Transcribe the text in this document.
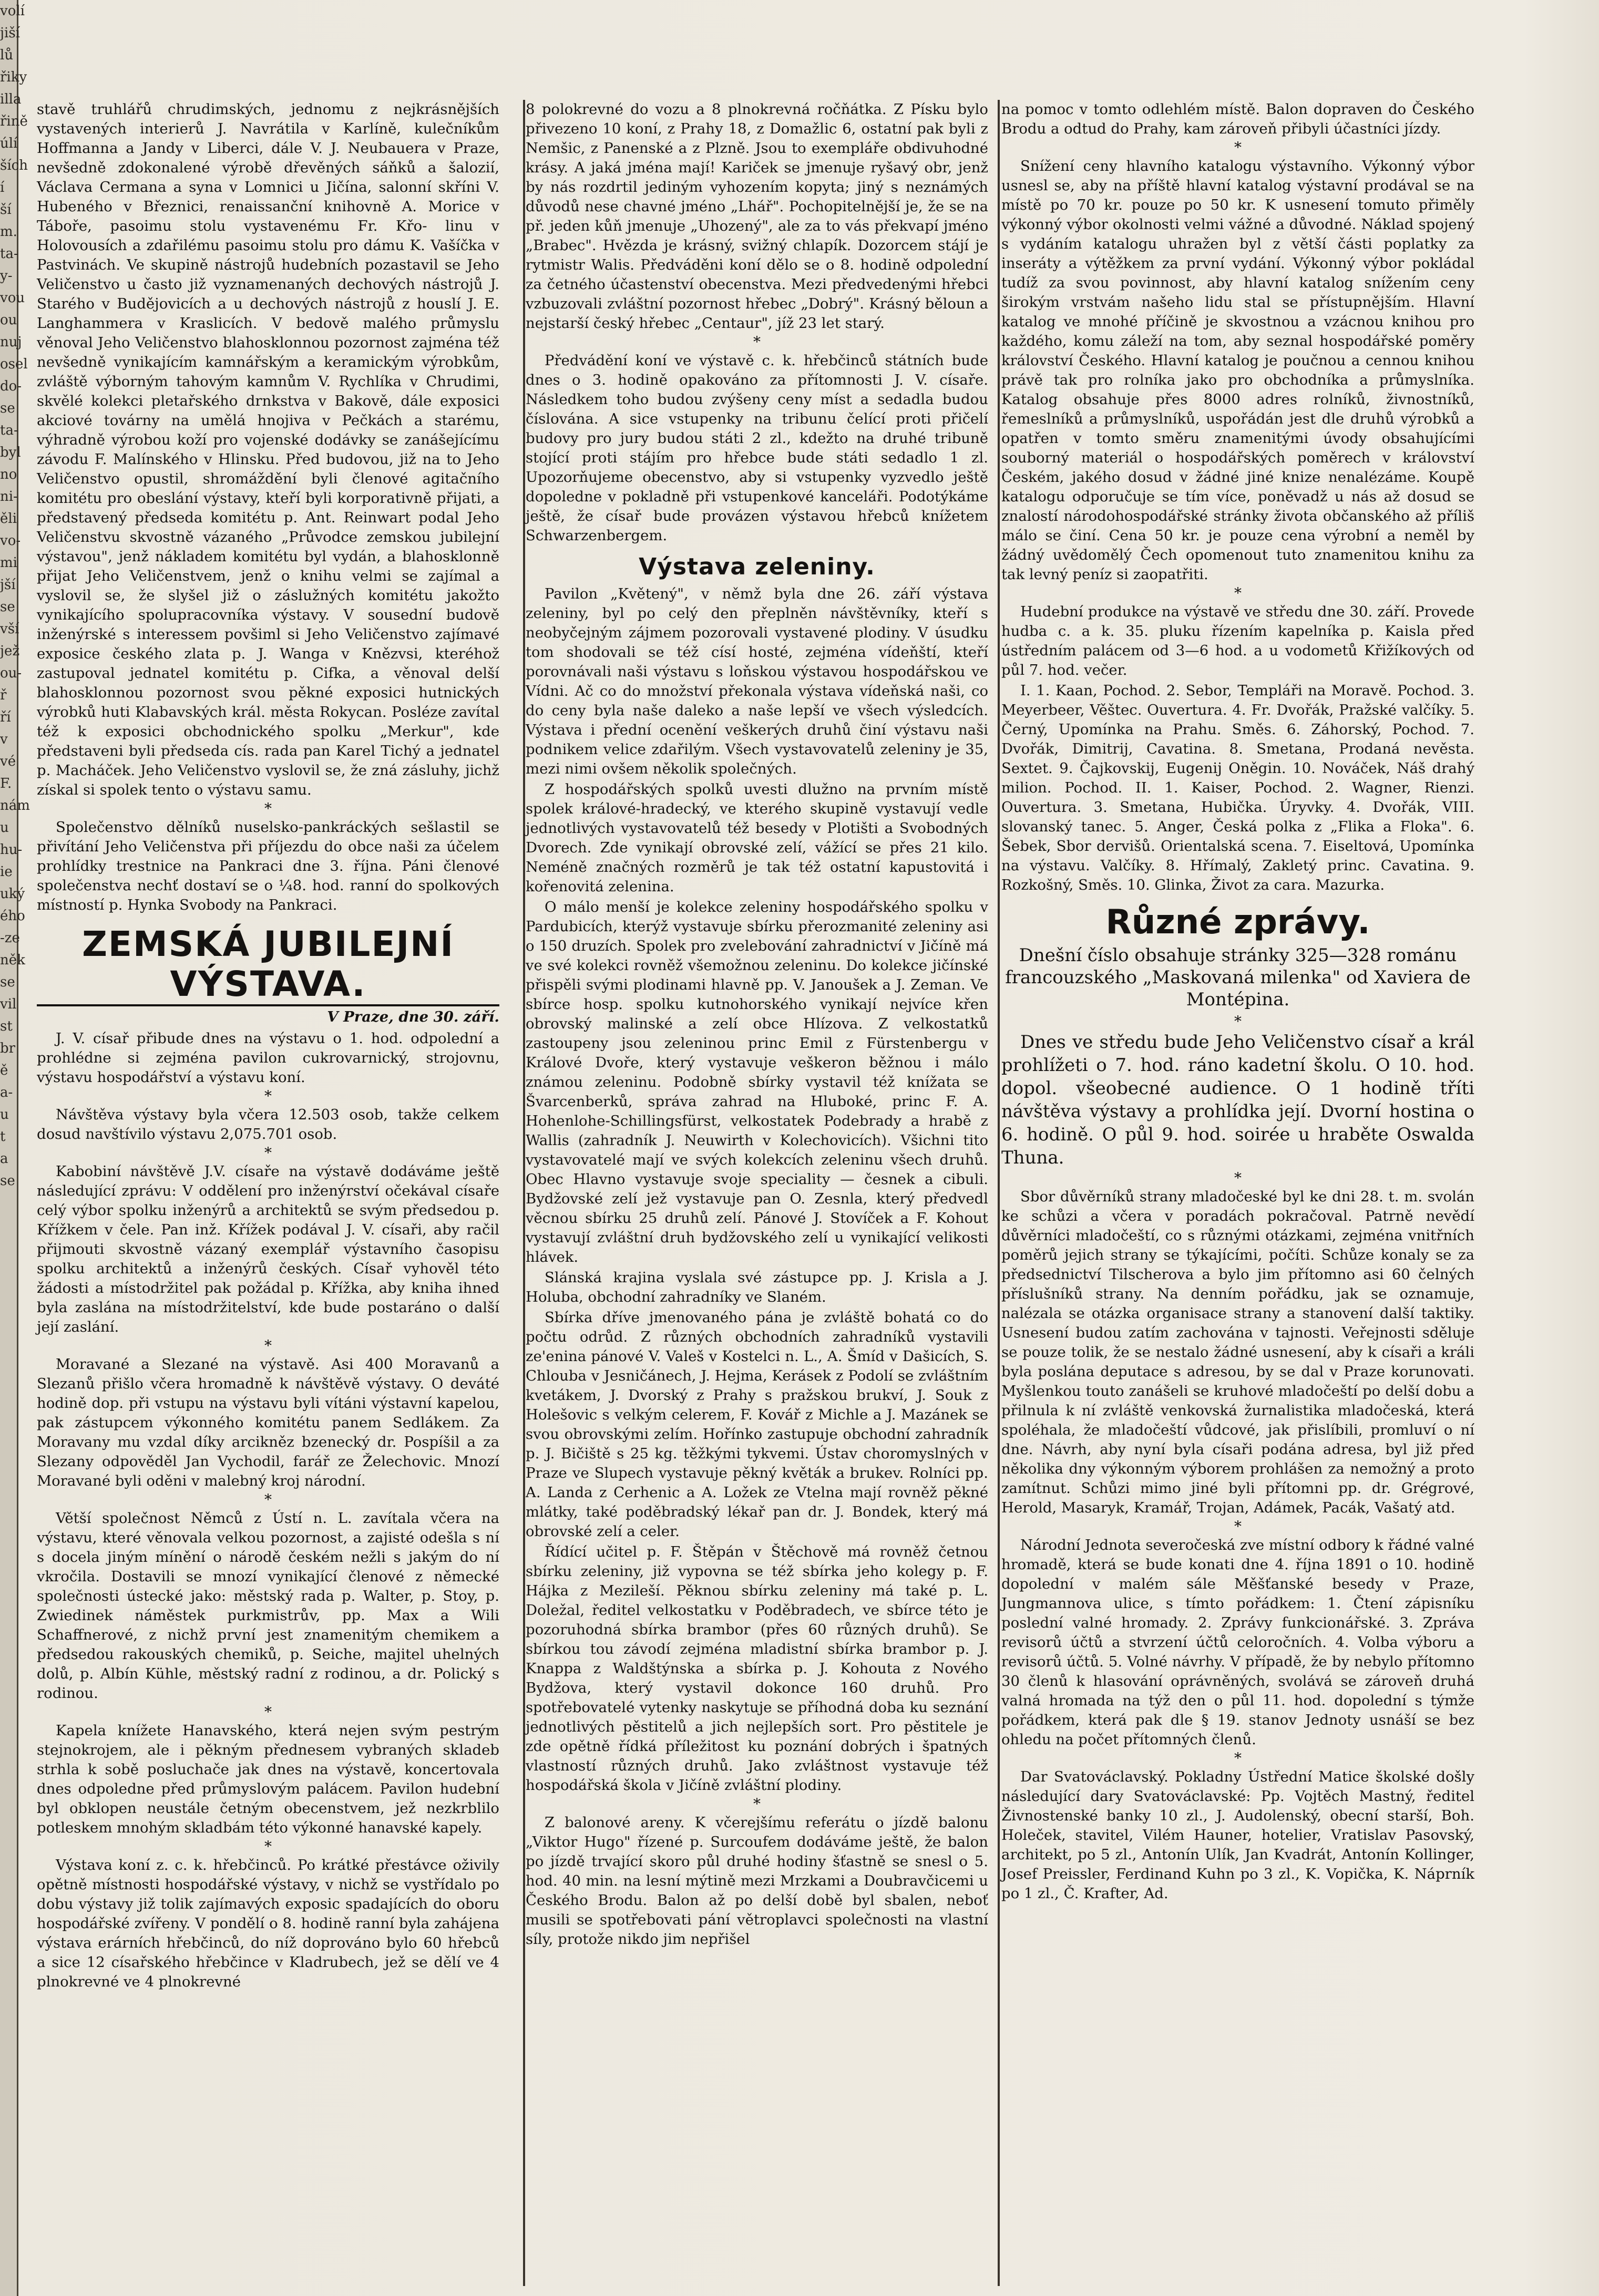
volí
jiší
lů
řiky
illa
řině
úlí
ších
í
ší
m.
ta-
y-
vou
ou
nuj
osel
do-
se
ta-
byl
no
ni-
ěli
vo-
mi
jší
se
vší
jež
ou-
ř
ří
v
vé
F.
nám
u
hu-
ie
uký
ého
-ze
něk
se
vil
st
br
ě
a-
u
t
a
se

stavě truhlářů chrudimských, jednomu z nejkrásnějších vystavených interierů J. Navrátila v Karlíně, kulečníkům Hoffmanna a Jandy v Liberci, dále V. J. Neubauera v Praze, nevšedně zdokonalené výrobě dřevěných sáňků a šalozií, Václava Cermana a syna v Lomnici u Jičína, salonní skříni V. Hubeného v Březnici, renaissanční knihovně A. Morice v Táboře, pasoimu stolu vystavenému Fr. Křo- linu v Holovousích a zdařilému pasoimu stolu pro dámu K. Vašíčka v Pastvinách. Ve skupině nástrojů hudebních pozastavil se Jeho Veličenstvo u často již vyznamenaných dechových nástrojů J. Starého v Budějovicích a u dechových nástrojů z houslí J. E. Langhammera v Kraslicích. V bedově malého průmyslu věnoval Jeho Veličenstvo blahosklonnou pozornost zajména též nevšedně vynikajícím kamnářským a keramickým výrobkům, zvláště výborným tahovým kamnům V. Rychlíka v Chrudimi, skvělé kolekci pletařského drnkstva v Bakově, dále exposici akciové továrny na umělá hnojiva v Pečkách a starému, výhradně výrobou koží pro vojenské dodávky se zanášejícímu závodu F. Malínského v Hlinsku. Před budovou, již na to Jeho Veličenstvo opustil, shromáždění byli členové agitačního komitétu pro obeslání výstavy, kteří byli korporativně přijati, a představený předseda komitétu p. Ant. Reinwart podal Jeho Veličenstvu skvostně vázaného „Průvodce zemskou jubilejní výstavou", jenž nákladem komitétu byl vydán, a blahosklonně přijat Jeho Veličenstvem, jenž o knihu velmi se zajímal a vyslovil se, že slyšel již o záslužných komitétu jakožto vynikajícího spolupracovníka výstavy. V sousední budově inženýrské s interessem povšiml si Jeho Veličenstvo zajímavé exposice českého zlata p. J. Wanga v Knězvsi, kteréhož zastupoval jednatel komitétu p. Cifka, a věnoval delší blahosklonnou pozornost svou pěkné exposici hutnických výrobků huti Klabavských král. města Rokycan. Posléze zavítal též k exposici obchodnického spolku „Merkur", kde představeni byli předseda cís. rada pan Karel Tichý a jednatel p. Macháček. Jeho Veličenstvo vyslovil se, že zná zásluhy, jichž získal si spolek tento o výstavu samu.

*

Společenstvo dělníků nuselsko-pankráckých sešlastil se přivítání Jeho Veličenstva při příjezdu do obce naši za účelem prohlídky trestnice na Pankraci dne 3. října. Páni členové společenstva nechť dostaví se o ¼8. hod. ranní do spolkových místností p. Hynka Svobody na Pankraci.

ZEMSKÁ JUBILEJNÍ VÝSTAVA.
V Praze, dne 30. září.

J. V. císař přibude dnes na výstavu o 1. hod. odpolední a prohlédne si zejména pavilon cukrovarnický, strojovnu, výstavu hospodářství a výstavu koní.

*

Návštěva výstavy byla včera 12.503 osob, takže celkem dosud navštívilo výstavu 2,075.701 osob.

*

Kabobiní návštěvě J.V. císaře na výstavě dodáváme ještě následující zprávu: V oddělení pro inženýrství očekával císaře celý výbor spolku inženýrů a architektů se svým předsedou p. Křížkem v čele. Pan inž. Křížek podával J. V. císaři, aby račil přijmouti skvostně vázaný exemplář výstavního časopisu spolku architektů a inženýrů českých. Císař vyhověl této žádosti a místodržitel pak požádal p. Křížka, aby kniha ihned byla zaslána na místodržitelství, kde bude postaráno o další její zaslání.

*

Moravané a Slezané na výstavě. Asi 400 Moravanů a Slezanů přišlo včera hromadně k návštěvě výstavy. O deváté hodině dop. při vstupu na výstavu byli vítáni výstavní kapelou, pak zástupcem výkonného komitétu panem Sedlákem. Za Moravany mu vzdal díky arcikněz bzenecký dr. Pospíšil a za Slezany odpověděl Jan Vychodil, farář ze Želechovic. Mnozí Moravané byli oděni v malebný kroj národní.

*

Větší společnost Němců z Ústí n. L. zavítala včera na výstavu, které věnovala velkou pozornost, a zajisté odešla s ní s docela jiným mínění o národě českém nežli s jakým do ní vkročila. Dostavili se mnozí vynikající členové z německé společnosti ústecké jako: městský rada p. Walter, p. Stoy, p. Zwiedinek náměstek purkmistrův, pp. Max a Wili Schaffnerové, z nichž první jest znamenitým chemikem a předsedou rakouských chemiků, p. Seiche, majitel uhelných dolů, p. Albín Kühle, městský radní z rodinou, a dr. Polický s rodinou.

*

Kapela knížete Hanavského, která nejen svým pestrým stejnokrojem, ale i pěkným přednesem vybraných skladeb strhla k sobě posluchače jak dnes na výstavě, koncertovala dnes odpoledne před průmyslovým palácem. Pavilon hudební byl obklopen neustále četným obecenstvem, jež nezkrblilo potleskem mnohým skladbám této výkonné hanavské kapely.

*

Výstava koní z. c. k. hřebčinců. Po krátké přestávce oživily opětně místnosti hospodářské výstavy, v nichž se vystřídalo po dobu výstavy již tolik zajímavých exposic spadajících do oboru hospodářské zvířeny. V pondělí o 8. hodině ranní byla zahájena výstava erárních hřebčinců, do níž doprováno bylo 60 hřebců a sice 12 císařského hřebčince v Kladrubech, jež se dělí ve 4 plnokrevné ve 4 plnokrevné

8 polokrevné do vozu a 8 plnokrevná ročňátka. Z Písku bylo přivezeno 10 koní, z Prahy 18, z Domažlic 6, ostatní pak byli z Nemšic, z Panenské a z Plzně. Jsou to exempláře obdivuhodné krásy. A jaká jména mají! Kariček se jmenuje ryšavý obr, jenž by nás rozdrtil jediným vyhozením kopyta; jiný s neznámých důvodů nese chavné jméno „Lhář". Pochopitelnější je, že se na př. jeden kůň jmenuje „Uhozený", ale za to vás překvapí jméno „Brabec". Hvězda je krásný, svižný chlapík. Dozorcem stájí je rytmistr Walis. Předváděni koní dělo se o 8. hodině odpolední za četného účastenství obecenstva. Mezi předvedenými hřebci vzbuzovali zvláštní pozornost hřebec „Dobrý". Krásný běloun a nejstarší český hřebec „Centaur", jíž 23 let starý.

*

Předvádění koní ve výstavě c. k. hřebčinců státních bude dnes o 3. hodině opakováno za přítomnosti J. V. císaře. Následkem toho budou zvýšeny ceny míst a sedadla budou číslována. A sice vstupenky na tribunu čelící proti přičelí budovy pro jury budou státi 2 zl., kdežto na druhé tribuně stojící proti stájím pro hřebce bude státi sedadlo 1 zl. Upozorňujeme obecenstvo, aby si vstupenky vyzvedlo ještě dopoledne v pokladně při vstupenkové kanceláři. Podotýkáme ještě, že císař bude provázen výstavou hřebců knížetem Schwarzenbergem.

Výstava zeleniny.

Pavilon „Květený", v němž byla dne 26. září výstava zeleniny, byl po celý den přeplněn návštěvníky, kteří s neobyčejným zájmem pozorovali vystavené plodiny. V úsudku tom shodovali se též císí hosté, zejména vídeňští, kteří porovnávali naši výstavu s loňskou výstavou hospodářskou ve Vídni. Ač co do množství překonala výstava vídeňská naši, co do ceny byla naše daleko a naše lepší ve všech výsledcích. Výstava i přední ocenění veškerých druhů činí výstavu naši podnikem velice zdařilým. Všech vystavovatelů zeleniny je 35, mezi nimi ovšem několik společných.

Z hospodářských spolků uvesti dlužno na prvním místě spolek králové-hradecký, ve kterého skupině vystavují vedle jednotlivých vystavovatelů též besedy v Plotišti a Svobodných Dvorech. Zde vynikají obrovské zelí, vážící se přes 21 kilo. Neméně značných rozměrů je tak též ostatní kapustovitá i kořenovitá zelenina.

O málo menší je kolekce zeleniny hospodářského spolku v Pardubicích, kterýž vystavuje sbírku přerozmanité zeleniny asi o 150 druzích. Spolek pro zvelebování zahradnictví v Jičíně má ve své kolekci rovněž všemožnou zeleninu. Do kolekce jičínské přispěli svými plodinami hlavně pp. V. Janoušek a J. Zeman. Ve sbírce hosp. spolku kutnohorského vynikají nejvíce křen obrovský malinské a zelí obce Hlízova. Z velkostatků zastoupeny jsou zeleninou princ Emil z Fürstenbergu v Králové Dvoře, který vystavuje veškeron běžnou i málo známou zeleninu. Podobně sbírky vystavil též knížata se Švarcenberků, správa zahrad na Hluboké, princ F. A. Hohenlohe-Schillingsfürst, velkostatek Podebrady a hrabě z Wallis (zahradník J. Neuwirth v Kolechovicích). Všichni tito vystavovatelé mají ve svých kolekcích zeleninu všech druhů. Obec Hlavno vystavuje svoje speciality — česnek a cibuli. Bydžovské zelí jež vystavuje pan O. Zesnla, který předvedl věcnou sbírku 25 druhů zelí. Pánové J. Stovíček a F. Kohout vystavují zvláštní druh bydžovského zelí u vynikající velikosti hlávek.

Slánská krajina vyslala své zástupce pp. J. Krisla a J. Holuba, obchodní zahradníky ve Slaném.

Sbírka dříve jmenovaného pána je zvláště bohatá co do počtu odrůd. Z různých obchodních zahradníků vystavili ze'enina pánové V. Valeš v Kostelci n. L., A. Šmíd v Dašicích, S. Chlouba v Jesničánech, J. Hejma, Kerásek z Podolí se zvláštním kvetákem, J. Dvorský z Prahy s pražskou brukví, J. Souk z Holešovic s velkým celerem, F. Kovář z Michle a J. Mazánek se svou obrovskými zelím. Hořínko zastupuje obchodní zahradník p. J. Bičiště s 25 kg. těžkými tykvemi. Ústav choromyslných v Praze ve Slupech vystavuje pěkný květák a brukev. Rolníci pp. A. Landa z Cerhenic a A. Ložek ze Vtelna mají rovněž pěkné mlátky, také poděbradský lékař pan dr. J. Bondek, který má obrovské zelí a celer.

Řídící učitel p. F. Štěpán v Štěchově má rovněž četnou sbírku zeleniny, již vypovna se též sbírka jeho kolegy p. F. Hájka z Mezileší. Pěknou sbírku zeleniny má také p. L. Doležal, ředitel velkostatku v Poděbradech, ve sbírce této je pozoruhodná sbírka brambor (přes 60 různých druhů). Se sbírkou tou závodí zejména mladistní sbírka brambor p. J. Knappa z Waldštýnska a sbírka p. J. Kohouta z Nového Bydžova, který vystavil dokonce 160 druhů. Pro spotřebovatelé vytenky naskytuje se příhodná doba ku seznání jednotlivých pěstitelů a jich nejlepších sort. Pro pěstitele je zde opětně řídká příležitost ku poznání dobrých i špatných vlastností různých druhů. Jako zvláštnost vystavuje též hospodářská škola v Jičíně zvláštní plodiny.

*

Z balonové areny. K včerejšímu referátu o jízdě balonu „Viktor Hugo" řízené p. Surcoufem dodáváme ještě, že balon po jízdě trvající skoro půl druhé hodiny šťastně se snesl o 5. hod. 40 min. na lesní mýtině mezi Mrzkami a Doubravčicemi u Českého Brodu. Balon až po delší době byl sbalen, neboť musili se spotřebovati pání větroplavci společnosti na vlastní síly, protože nikdo jim nepřišel

na pomoc v tomto odlehlém místě. Balon dopraven do Českého Brodu a odtud do Prahy, kam zároveň přibyli účastníci jízdy.

*

Snížení ceny hlavního katalogu výstavního. Výkonný výbor usnesl se, aby na příště hlavní katalog výstavní prodával se na místě po 70 kr. pouze po 50 kr. K usnesení tomuto přiměly výkonný výbor okolnosti velmi vážné a důvodné. Náklad spojený s vydáním katalogu uhražen byl z větší části poplatky za inseráty a výtěžkem za první vydání. Výkonný výbor pokládal tudíž za svou povinnost, aby hlavní katalog snížením ceny širokým vrstvám našeho lidu stal se přístupnějším. Hlavní katalog ve mnohé příčině je skvostnou a vzácnou knihou pro každého, komu záleží na tom, aby seznal hospodářské poměry království Českého. Hlavní katalog je poučnou a cennou knihou právě tak pro rolníka jako pro obchodníka a průmyslníka. Katalog obsahuje přes 8000 adres rolníků, živnostníků, řemeslníků a průmyslníků, uspořádán jest dle druhů výrobků a opatřen v tomto směru znamenitými úvody obsahujícími souborný materiál o hospodářských poměrech v království Českém, jakého dosud v žádné jiné knize nenalézáme. Koupě katalogu odporučuje se tím více, poněvadž u nás až dosud se znalostí národohospodářské stránky života občanského až příliš málo se činí. Cena 50 kr. je pouze cena výrobní a neměl by žádný uvědomělý Čech opomenout tuto znamenitou knihu za tak levný peníz si zaopatřiti.

*

Hudební produkce na výstavě ve středu dne 30. září. Provede hudba c. a k. 35. pluku řízením kapelníka p. Kaisla před ústředním palácem od 3—6 hod. a u vodometů Křižíkových od půl 7. hod. večer.

I. 1. Kaan, Pochod. 2. Sebor, Templáři na Moravě. Pochod. 3. Meyerbeer, Věštec. Ouvertura. 4. Fr. Dvořák, Pražské valčíky. 5. Černý, Upomínka na Prahu. Směs. 6. Záhorský, Pochod. 7. Dvořák, Dimitrij, Cavatina. 8. Smetana, Prodaná nevěsta. Sextet. 9. Čajkovskij, Eugenij Oněgin. 10. Nováček, Náš drahý milion. Pochod. II. 1. Kaiser, Pochod. 2. Wagner, Rienzi. Ouvertura. 3. Smetana, Hubička. Úryvky. 4. Dvořák, VIII. slovanský tanec. 5. Anger, Česká polka z „Flika a Floka". 6. Šebek, Sbor dervišů. Orientalská scena. 7. Eiseltová, Upomínka na výstavu. Valčíky. 8. Hřímalý, Zakletý princ. Cavatina. 9. Rozkošný, Směs. 10. Glinka, Život za cara. Mazurka.

Různé zprávy.
Dnešní číslo obsahuje stránky 325—328 románu francouzského „Maskovaná milenka" od Xaviera de Montépina.
*

Dnes ve středu bude Jeho Veličenstvo císař a král prohlížeti o 7. hod. ráno kadetní školu. O 10. hod. dopol. všeobecné audience. O 1 hodině tříti návštěva výstavy a prohlídka její. Dvorní hostina o 6. hodině. O půl 9. hod. soirée u hraběte Oswalda Thuna.

*

Sbor důvěrníků strany mladočeské byl ke dni 28. t. m. svolán ke schůzi a včera v poradách pokračoval. Patrně nevědí důvěrníci mladočeští, co s různými otázkami, zejména vnitřních poměrů jejich strany se týkajícími, počíti. Schůze konaly se za předsednictví Tilscherova a bylo jim přítomno asi 60 čelných příslušníků strany. Na denním pořádku, jak se oznamuje, nalézala se otázka organisace strany a stanovení další taktiky. Usnesení budou zatím zachována v tajnosti. Veřejnosti sděluje se pouze tolik, že se nestalo žádné usnesení, aby k císaři a králi byla poslána deputace s adresou, by se dal v Praze korunovati. Myšlenkou touto zanášeli se kruhové mladočeští po delší dobu a přilnula k ní zvláště venkovská žurnalistika mladočeská, která spoléhala, že mladočeští vůdcové, jak přislíbili, promluví o ní dne. Návrh, aby nyní byla císaři podána adresa, byl již před několika dny výkonným výborem prohlášen za nemožný a proto zamítnut. Schůzi mimo jiné byli přítomni pp. dr. Grégrové, Herold, Masaryk, Kramář, Trojan, Adámek, Pacák, Vašatý atd.

*

Národní Jednota severočeská zve místní odbory k řádné valné hromadě, která se bude konati dne 4. října 1891 o 10. hodině dopolední v malém sále Měšťanské besedy v Praze, Jungmannova ulice, s tímto pořádkem: 1. Čtení zápisníku poslední valné hromady. 2. Zprávy funkcionářské. 3. Zpráva revisorů účtů a stvrzení účtů celoročních. 4. Volba výboru a revisorů účtů. 5. Volné návrhy. V případě, že by nebylo přítomno 30 členů k hlasování oprávněných, svolává se zároveň druhá valná hromada na týž den o půl 11. hod. dopolední s týmže pořádkem, která pak dle § 19. stanov Jednoty usnáší se bez ohledu na počet přítomných členů.

*

Dar Svatováclavský. Pokladny Ústřední Matice školské došly následující dary Svatováclavské: Pp. Vojtěch Mastný, ředitel Živnostenské banky 10 zl., J. Audolenský, obecní starší, Boh. Holeček, stavitel, Vilém Hauner, hotelier, Vratislav Pasovský, architekt, po 5 zl., Antonín Ulík, Jan Kvadrát, Antonín Kollinger, Josef Preissler, Ferdinand Kuhn po 3 zl., K. Vopička, K. Náprník po 1 zl., Č. Krafter, Ad.
